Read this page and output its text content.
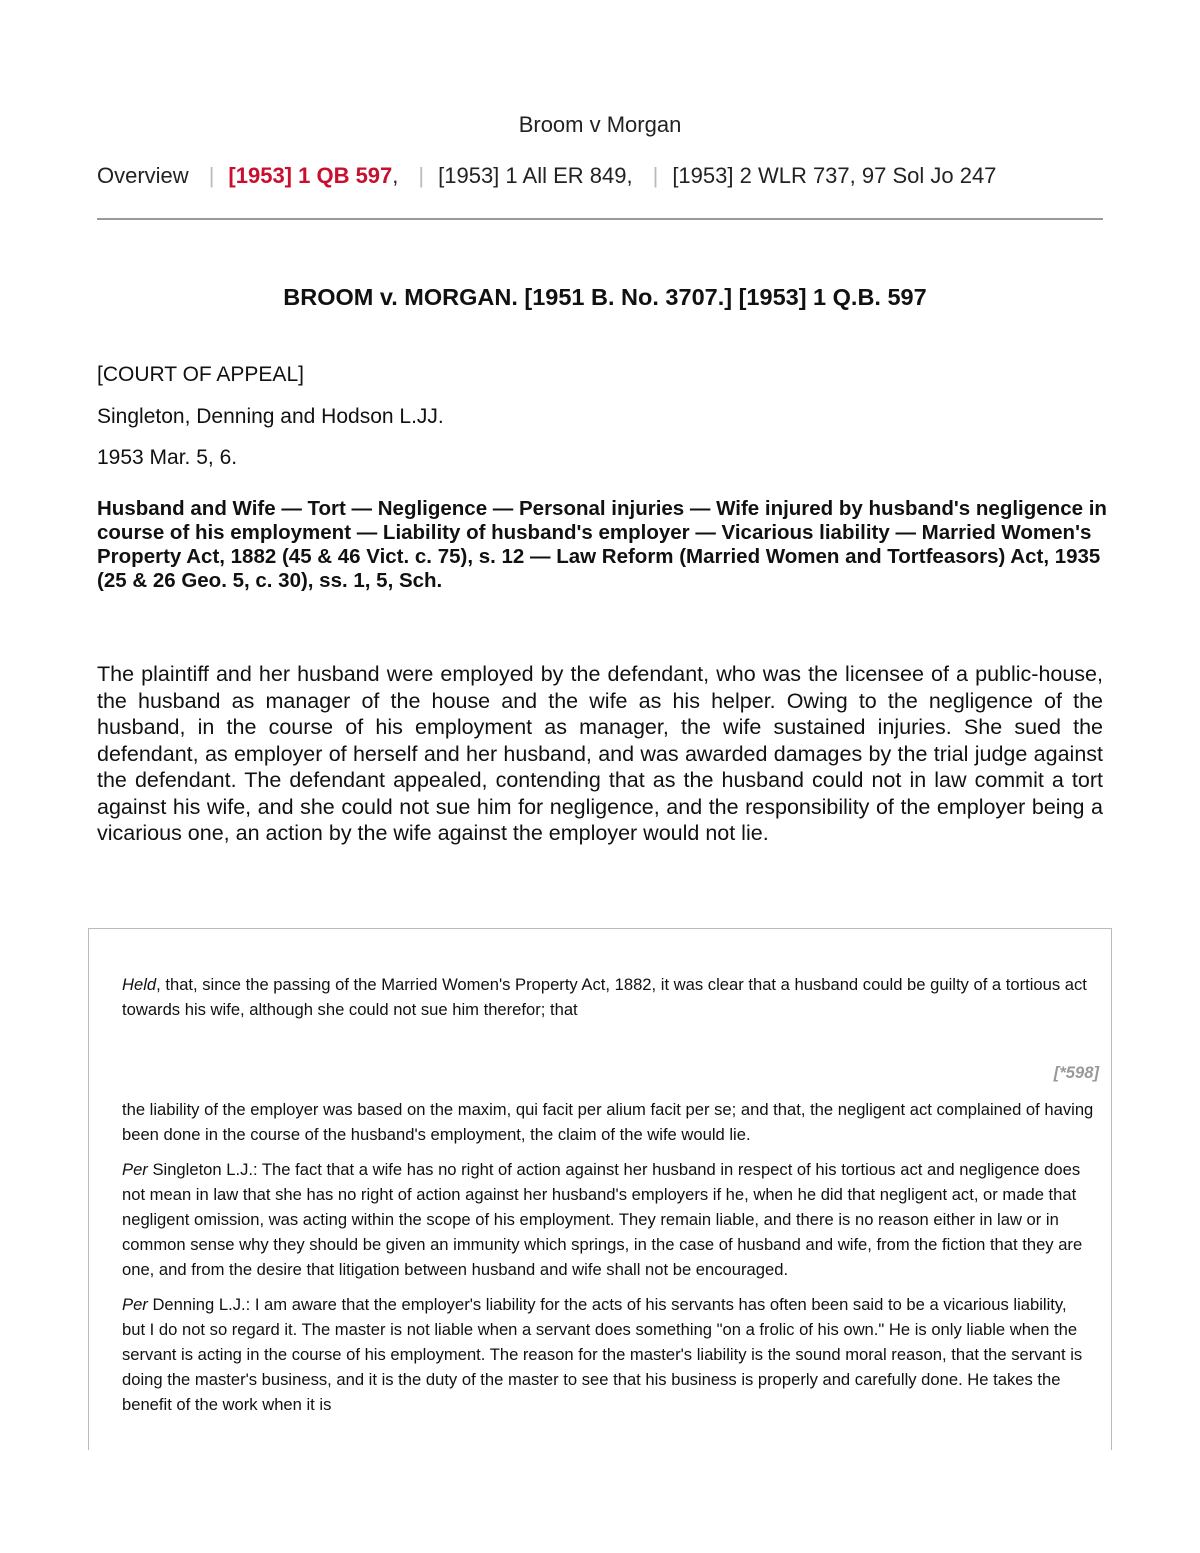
Broom v Morgan
Overview | [1953] 1 QB 597, | [1953] 1 All ER 849, | [1953] 2 WLR 737, 97 Sol Jo 247
BROOM v. MORGAN. [1951 B. No. 3707.] [1953] 1 Q.B. 597
[COURT OF APPEAL]
Singleton, Denning and Hodson L.JJ.
1953 Mar. 5, 6.
Husband and Wife — Tort — Negligence — Personal injuries — Wife injured by husband's negligence in course of his employment — Liability of husband's employer — Vicarious liability — Married Women's Property Act, 1882 (45 & 46 Vict. c. 75), s. 12 — Law Reform (Married Women and Tortfeasors) Act, 1935 (25 & 26 Geo. 5, c. 30), ss. 1, 5, Sch.
The plaintiff and her husband were employed by the defendant, who was the licensee of a public-house, the husband as manager of the house and the wife as his helper. Owing to the negligence of the husband, in the course of his employment as manager, the wife sustained injuries. She sued the defendant, as employer of herself and her husband, and was awarded damages by the trial judge against the defendant. The defendant appealed, contending that as the husband could not in law commit a tort against his wife, and she could not sue him for negligence, and the responsibility of the employer being a vicarious one, an action by the wife against the employer would not lie.

Held, that, since the passing of the Married Women's Property Act, 1882, it was clear that a husband could be guilty of a tortious act towards his wife, although she could not sue him therefor; that

[*598]

the liability of the employer was based on the maxim, qui facit per alium facit per se; and that, the negligent act complained of having been done in the course of the husband's employment, the claim of the wife would lie.

Per Singleton L.J.: The fact that a wife has no right of action against her husband in respect of his tortious act and negligence does not mean in law that she has no right of action against her husband's employers if he, when he did that negligent act, or made that negligent omission, was acting within the scope of his employment. They remain liable, and there is no reason either in law or in common sense why they should be given an immunity which springs, in the case of husband and wife, from the fiction that they are one, and from the desire that litigation between husband and wife shall not be encouraged.

Per Denning L.J.: I am aware that the employer's liability for the acts of his servants has often been said to be a vicarious liability, but I do not so regard it. The master is not liable when a servant does something "on a frolic of his own." He is only liable when the servant is acting in the course of his employment. The reason for the master's liability is the sound moral reason, that the servant is doing the master's business, and it is the duty of the master to see that his business is properly and carefully done. He takes the benefit of the work when it is
